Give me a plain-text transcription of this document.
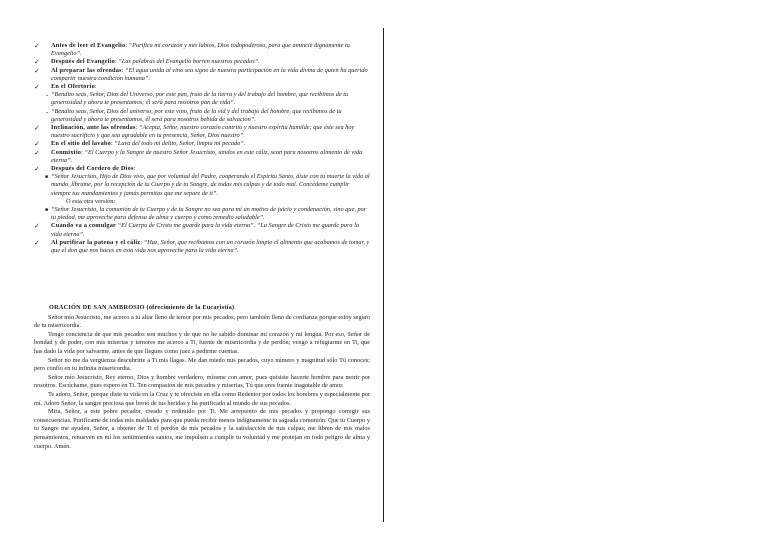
✓ Antes de leer el Evangelio: “Purifica mi corazón y mis labios, Dios todopoderoso, para que anuncie dignamente tu Evangelio”.
✓ Después del Evangelio: “Las palabras del Evangelio borren nuestros pecados”.
✓ Al preparar las ofrendas: “El agua unida al vino sea signo de nuestra participación en la vida divina de quien ha querido compartir nuestra condición humana”.
✓ En el Ofertorio:
- “Bendito seas, Señor, Dios del Universo, por este pan, fruto de la tierra y del trabajo del hombre, que recibimos de tu generosidad y ahora te presentamos; él será para nosotros pan de vida”.
- “Bendito seas, Señor, Dios del universo, por este vino, fruto de la vid y del trabajo del hombre, que recibimos de tu generosidad y ahora te presentamos, él será para nosotros bebida de salvación”.
✓ Inclinación, ante las ofrendas: “Acepta, Señor, nuestro corazón contrito y nuestro espíritu humilde; que éste sea hoy nuestro sacrificio y que sea agradable en tu presencia, Señor, Dios nuestro”.
✓ En el sitio del lavabo: “Lava del todo mi delito, Señor, limpia mi pecado”.
✓ Conmixtio: “El Cuerpo y la Sangre de nuestro Señor Jesucristo, unidos en este cáliz, sean para nosotros alimento de vida eterna”.
✓ Después del Cordero de Dios:
■ “Señor Jesucristo, Hijo de Dios vivo, que por voluntad del Padre, cooperando el Espíritu Santo, diste con tu muerte la vida al mundo, líbrame, por la recepción de tu Cuerpo y de tu Sangre, de todas mis culpas y de todo mal. Concédeme cumplir siempre tus mandamientos y jamás permitas que me separe de ti”.
O esta otra versión:
■ “Señor Jesucristo, la comunión de tu Cuerpo y de tu Sangre no sea para mí un motivo de juicio y condenación, sino que, por tu piedad, me aproveche para defensa de alma y cuerpo y como remedio saludable”.
✓ Cuando va a comulgar “El Cuerpo de Cristo me guarde para la vida eterna”. “La Sangre de Cristo me guarde para la vida eterna”.
✓ Al purificar la patena y el cáliz: “Haz, Señor, que recibamos con un corazón limpio el alimento que acabamos de tomar, y que el don que nos haces en esta vida nos aproveche para la vida eterna”.
ORACIÓN DE SAN AMBROSIO (ofrecimiento de la Eucaristía)

Señor mío Jesucristo, me acerco a tu altar lleno de temor por mis pecados, pero también lleno de confianza porque estoy seguro de tu misericordia.

Tengo conciencia de que mis pecados son muchos y de que no he sabido dominar mi corazón y mi lengua. Por eso, Señor de bondad y de poder, con mis miserias y temores me acerco a Ti, fuente de misericordia y de perdón; vengo a refugiarme en Ti, que has dado la vida por salvarme, antes de que llegues como juez a pedirme cuentas.

Señor no me da vergüenza descubrirte a Ti mis llagas. Me dan miedo mis pecados, cuyo número y magnitud sólo Tú conoces; pero confío en tu infinita misericordia.

Señor mío Jesucristo, Rey eterno, Dios y hombre verdadero, mírame con amor, pues quisiste hacerte hombre para morir por nosotros. Escúchame, pues espero en Ti. Ten compasión de mis pecados y miserias, Tú que eres fuente inagotable de amor.

Te adoro, Señor, porque diste tu vida en la Cruz y te ofreciste en ella como Redentor por todos los hombres y especialmente por mí. Adoro Señor, la sangre preciosa que brotó de tus heridas y ha purificado al mundo de sus pecados.

Mira, Señor, a este pobre pecador, creado y redimido por Ti. Me arrepiento de mis pecados y propongo corregir sus consecuencias. Purifícame de todas mis maldades para que pueda recibir menos indignamente tu sagrada comunión. Que tu Cuerpo y tu Sangre me ayuden, Señor, a obtener de Ti el perdón de mis pecados y la satisfacción de mis culpas; me libren de mis malos pensamientos, renueven en mí los sentimientos santos, me impulsen a cumplir tu voluntad y me protejan en todo peligro de alma y cuerpo. Amén.
